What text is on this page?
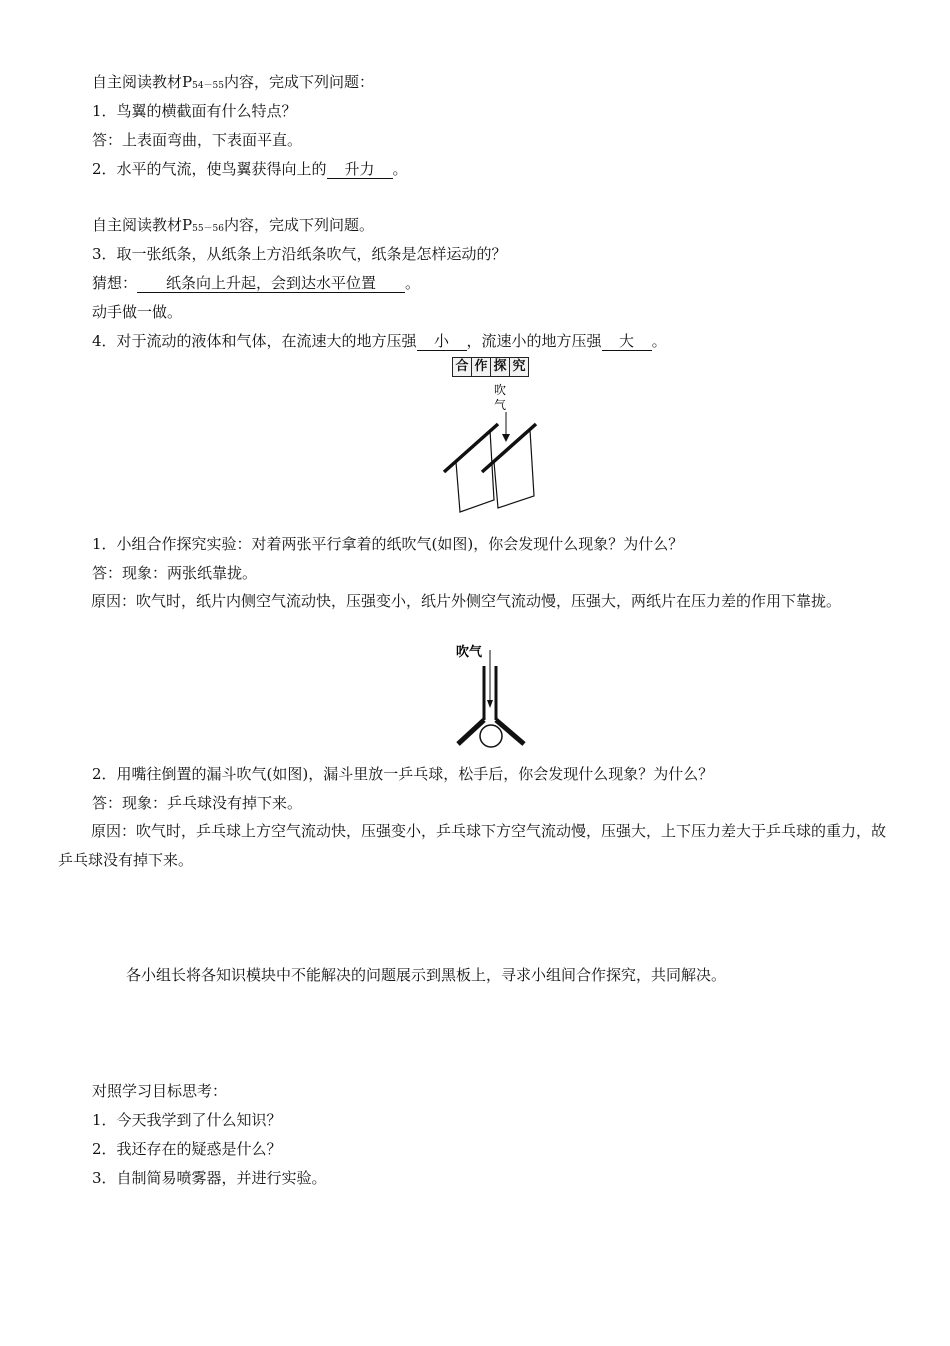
自主阅读教材$P_{54-55}$内容，完成下列问题：
1．鸟翼的横截面有什么特点？
答：上表面弯曲，下表面平直。
2．水平的气流，使鸟翼获得向上的 升力 。
自主阅读教材$P_{55-56}$内容，完成下列问题。
3．取一张纸条，从纸条上方沿纸条吹气，纸条是怎样运动的？
猜想： 纸条向上升起，会到达水平位置 。
动手做一做。
4．对于流动的液体和气体，在流速大的地方压强 小 ，流速小的地方压强 大 。
合 作 探 究
吹
气
1．小组合作探究实验：对着两张平行拿着的纸吹气(如图)，你会发现什么现象？为什么？
答：现象：两张纸靠拢。
原因：吹气时，纸片内侧空气流动快，压强变小，纸片外侧空气流动慢，压强大，两纸片在压力差的作用下靠拢。
吹气
2．用嘴往倒置的漏斗吹气(如图)，漏斗里放一乒乓球，松手后，你会发现什么现象？为什么？
答：现象：乒乓球没有掉下来。
原因：吹气时，乒乓球上方空气流动快，压强变小，乒乓球下方空气流动慢，压强大，上下压力差大于乒乓球的重力，故乒乓球没有掉下来。
各小组长将各知识模块中不能解决的问题展示到黑板上，寻求小组间合作探究，共同解决。
对照学习目标思考：
1．今天我学到了什么知识？
2．我还存在的疑惑是什么？
3．自制简易喷雾器，并进行实验。
